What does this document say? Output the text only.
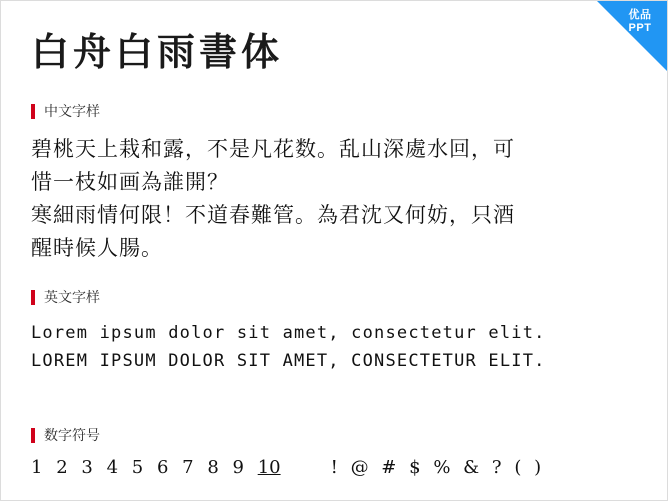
优品
PPT
白舟白雨書体
中文字样
碧桃天上栽和露，不是凡花数。乱山深處水回，可
惜一枝如画為誰開？
寒細雨情何限！不道春難管。為君沈又何妨，只酒
醒時候人腸。
英文字样
Lorem ipsum dolor sit amet, consectetur elit.
LOREM IPSUM DOLOR SIT AMET, CONSECTETUR ELIT.
数字符号
1 2 3 4 5 6 7 8 9 10	! @ # $ % & ? ( )
